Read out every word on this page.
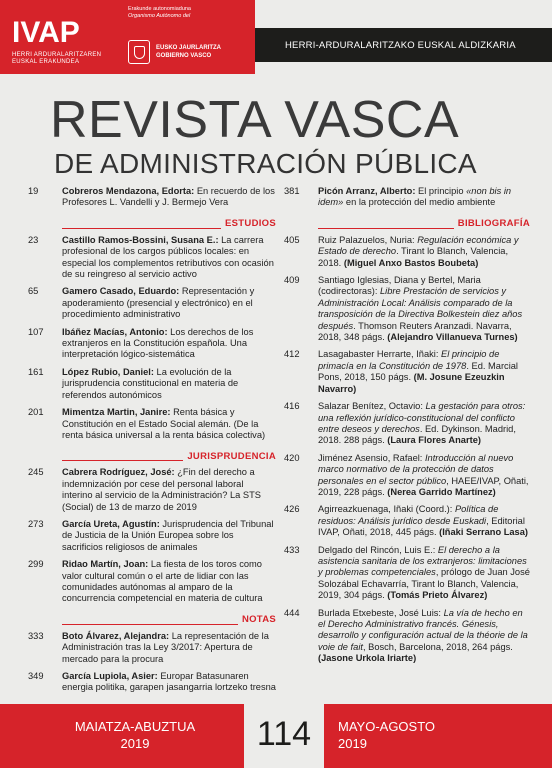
IVAP
HERRI ARDURALARITZAREN EUSKAL ERAKUNDEA
Erakunde autonomiaduna
Organismo Autónomo del
EUSKO JAURLARITZA
GOBIERNO VASCO
HERRI-ARDURALARITZAKO EUSKAL ALDIZKARIA
REVISTA VASCA
DE ADMINISTRACIÓN PÚBLICA
19	Cobreros Mendazona, Edorta: En recuerdo de los Profesores L. Vandelli y J. Bermejo Vera
ESTUDIOS
23	Castillo Ramos-Bossini, Susana E.: La carrera profesional de los cargos públicos locales: en especial los complementos retributivos con ocasión de su reingreso al servicio activo
65	Gamero Casado, Eduardo: Representación y apoderamiento (presencial y electrónico) en el procedimiento administrativo
107	Ibáñez Macías, Antonio: Los derechos de los extranjeros en la Constitución española. Una interpretación lógico-sistemática
161	López Rubio, Daniel: La evolución de la jurisprudencia constitucional en materia de referendos autonómicos
201	Mimentza Martin, Janire: Renta básica y Constitución en el Estado Social alemán. (De la renta básica universal a la renta básica colectiva)
JURISPRUDENCIA
245	Cabrera Rodríguez, José: ¿Fin del derecho a indemnización por cese del personal laboral interino al servicio de la Administración? La STS (Social) de 13 de marzo de 2019
273	García Ureta, Agustín: Jurisprudencia del Tribunal de Justicia de la Unión Europea sobre los sacrificios religiosos de animales
299	Ridao Martín, Joan: La fiesta de los toros como valor cultural común o el arte de lidiar con las comunidades autónomas al amparo de la concurrencia competencial en materia de cultura
NOTAS
333	Boto Álvarez, Alejandra: La representación de la Administración tras la Ley 3/2017: Apertura de mercado para la procura
349	García Lupiola, Asier: Europar Batasunaren energia politika, garapen jasangarria lortzeko tresna
381	Picón Arranz, Alberto: El principio «non bis in idem» en la protección del medio ambiente
BIBLIOGRAFÍA
405	Ruiz Palazuelos, Nuria: Regulación económica y Estado de derecho. Tirant lo Blanch, Valencia, 2018. (Miguel Anxo Bastos Boubeta)
409	Santiago Iglesias, Diana y Bertel, Maria (codirectoras): Libre Prestación de servicios y Administración Local: Análisis comparado de la transposición de la Directiva Bolkestein diez años después. Thomson Reuters Aranzadi. Navarra, 2018, 348 págs. (Alejandro Villanueva Turnes)
412	Lasagabaster Herrarte, Iñaki: El principio de primacía en la Constitución de 1978. Ed. Marcial Pons, 2018, 150 págs. (M. Josune Ezeuzkin Navarro)
416	Salazar Benítez, Octavio: La gestación para otros: una reflexión jurídico-constitucional del conflicto entre deseos y derechos. Ed. Dykinson. Madrid, 2018. 288 págs. (Laura Flores Anarte)
420	Jiménez Asensio, Rafael: Introducción al nuevo marco normativo de la protección de datos personales en el sector público, HAEE/IVAP, Oñati, 2019, 228 págs. (Nerea Garrido Martínez)
426	Agirreazkuenaga, Iñaki (Coord.): Política de residuos: Análisis jurídico desde Euskadi, Editorial IVAP, Oñati, 2018, 445 págs. (Iñaki Serrano Lasa)
433	Delgado del Rincón, Luis E.: El derecho a la asistencia sanitaria de los extranjeros: limitaciones y problemas competenciales, prólogo de Juan José Solozábal Echavarría, Tirant lo Blanch, Valencia, 2019, 304 págs. (Tomás Prieto Álvarez)
444	Burlada Etxebeste, José Luis: La vía de hecho en el Derecho Administrativo francés. Génesis, desarrollo y configuración actual de la théorie de la voie de fait, Bosch, Barcelona, 2018, 264 págs. (Jasone Urkola Iriarte)
MAIATZA-ABUZTUA
2019	114	MAYO-AGOSTO
2019
